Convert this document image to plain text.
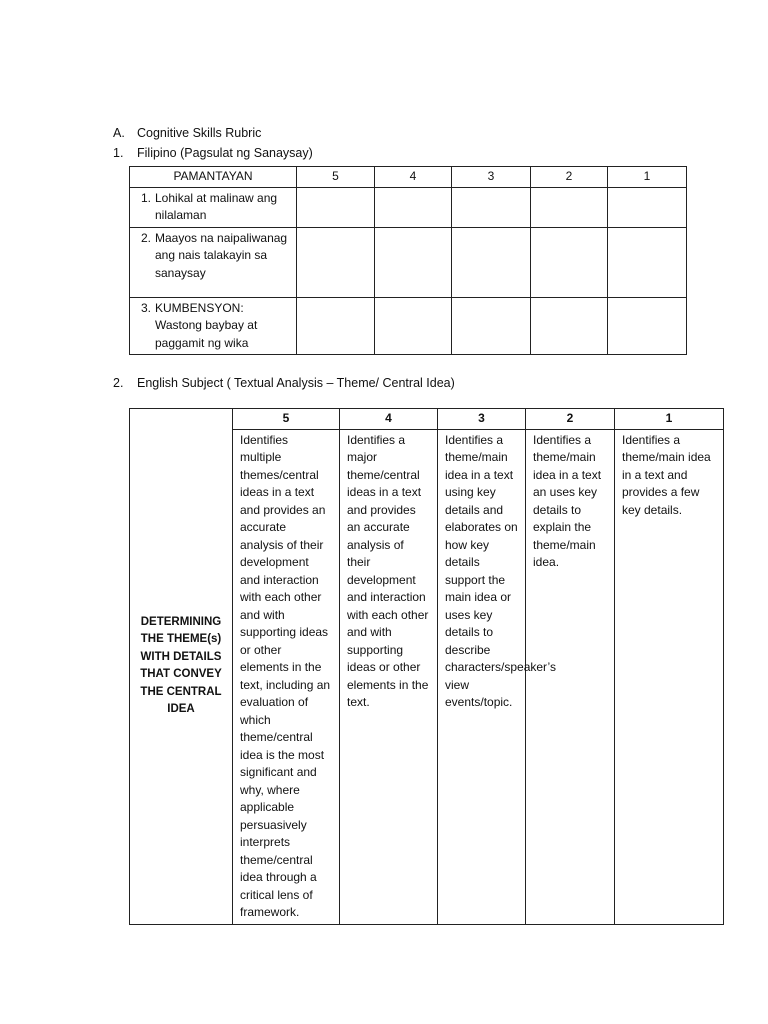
A. Cognitive Skills Rubric
1. Filipino (Pagsulat ng Sanaysay)
PAMANTAYAN	5	4	3	2	1
1. Lohikal at malinaw ang nilalaman					
2. Maayos na naipaliwanag ang nais talakayin sa sanaysay					
3. KUMBENSYON: Wastong baybay at paggamit ng wika					
2. English Subject ( Textual Analysis – Theme/ Central Idea)
DETERMINING THE THEME(s) WITH DETAILS THAT CONVEY THE CENTRAL IDEA	5	4	3	2	1
	Identifies multiple themes/central ideas in a text and provides an accurate analysis of their development and interaction with each other and with supporting ideas or other elements in the text, including an evaluation of which theme/central idea is the most significant and why, where applicable persuasively interprets theme/central idea through a critical lens of framework.	Identifies a major theme/central ideas in a text and provides an accurate analysis of their development and interaction with each other and with supporting ideas or other elements in the text.	Identifies a theme/main idea in a text using key details and elaborates on how key details support the main idea or uses key details to describe characters/speaker’s view events/topic.	Identifies a theme/main idea in a text an uses key details to explain the theme/main idea.	Identifies a theme/main idea in a text and provides a few key details.
